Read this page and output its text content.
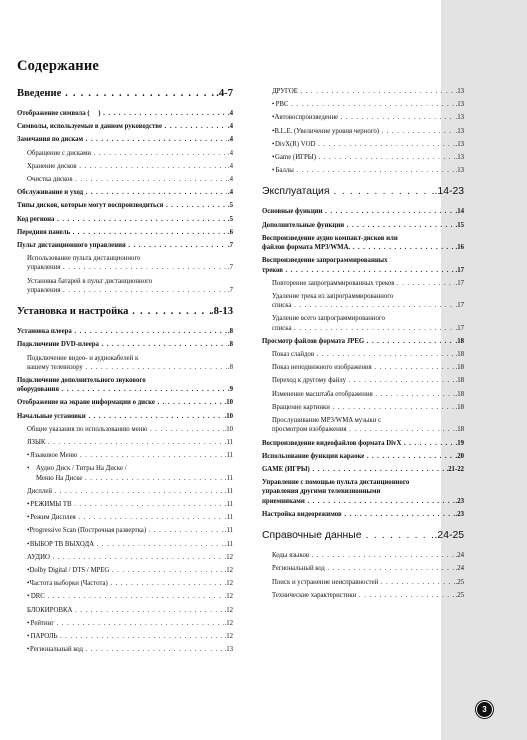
Содержание
Введение . . .	. 4-7
Отображение символа ( ⃠ ) . . .	. 4
Символы, используемые в данном руководстве . . .	. 4
Замечания по дискам . . .	. 4
Обращение с дисками . . .	. 4
Хранение дисков . . .	. 4
Очистка дисков . . .	. 4
Обслуживание и уход . . .	. 4
Типы дисков, которые могут воспроизводиться . . .	. 5
Код региона . . .	. 5
Передняя панель . . .	. 6
Пульт дистанционного управления . . .	. 7
Использование пульта дистанционного
управления . . .	. 7
Установка батарей в пульт дистанционного
управления . . .	. 7
Установка и настройка . . .	. 8-13
Установка плеера . . .	. 8
Подключение DVD-плеера . . .	. 8
Подключение видео- и аудиокабелей к
вашему телевизору . . .	. 8
Подключение дополнительного звукового
оборудования . . .	. 9
Отображение на экране информации о диске . . .	. 10
Начальные установки . . .	. 10
Общие указания по использованию меню . . .	. 10
ЯЗЫК . . .	. 11
• Языковое Меню . . .	. 11
• Аудио Диск / Титры На Диске /
Меню На Диске . . .	. 11
Дисплей . . .	. 11
• РЕЖИМЫ ТВ . . .	. 11
• Режим Дисплея . . .	. 11
• Progressive Scan (Построчная развертка) . . .	. 11
• ВЫБОР ТВ ВЫХОДА . . .	. 11
АУДИО . . .	. 12
• Dolby Digital / DTS / MPEG . . .	. 12
• Частота выборки (Частота) . . .	. 12
• DRC . . .	. 12
БЛОКИРОВКА . . .	. 12
• Рейтинг . . .	. 12
• ПАРОЛЬ . . .	. 12
• Региональный код . . .	. 13
ДРУГОЕ . . .	. 13
• PBC . . .	. 13
• Автовоспроизведение . . .	. 13
• B.L.E. (Увеличение уровня черного) . . .	. 13
• DivX(R) VOD . . .	. 13
• Game (ИГРЫ) . . .	. 13
• Баллы . . .	. 13
Эксплуатация . . .	. 14-23
Основные функции . . .	. 14
Дополнительные функции . . .	. 15
Воспроизведение аудио компакт-дисков или
файлов формата MP3/WMA. . . .	. 16
Воспроизведение запрограммированных
треков . . .	. 17
Повторение запрограммированных треков . . .	. 17
Удаление трека из запрограммированного
списка . . .	. 17
Удаление всего запрограммированного
списка . . .	. 17
Просмотр файлов формата JPEG . . .	. 18
Показ слайдов . . .	. 18
Показ неподвижного изображения . . .	. 18
Переход к другому файлу . . .	. 18
Изменение масштаба отображения . . .	. 18
Вращение картинки . . .	. 18
Прослушивание MP3/WMA музыки с
просмотром изображения . . .	. 18
Воспроизведение видеофайлов формата DivX . . .	. 19
Использование функции караоке . . .	. 20
GAME (ИГРЫ) . . .	. 21-22
Управление с помощью пульта дистанционного
управления другими телевизионными
приемниками . . .	. 23
Настройка видеорежимов . . .	. 23
Справочные данные . . .	. 24-25
Коды языков . . .	. 24
Региональный код . . .	. 24
Поиск и устранение неисправностей . . .	. 25
Технические характеристики . . .	. 25
3
